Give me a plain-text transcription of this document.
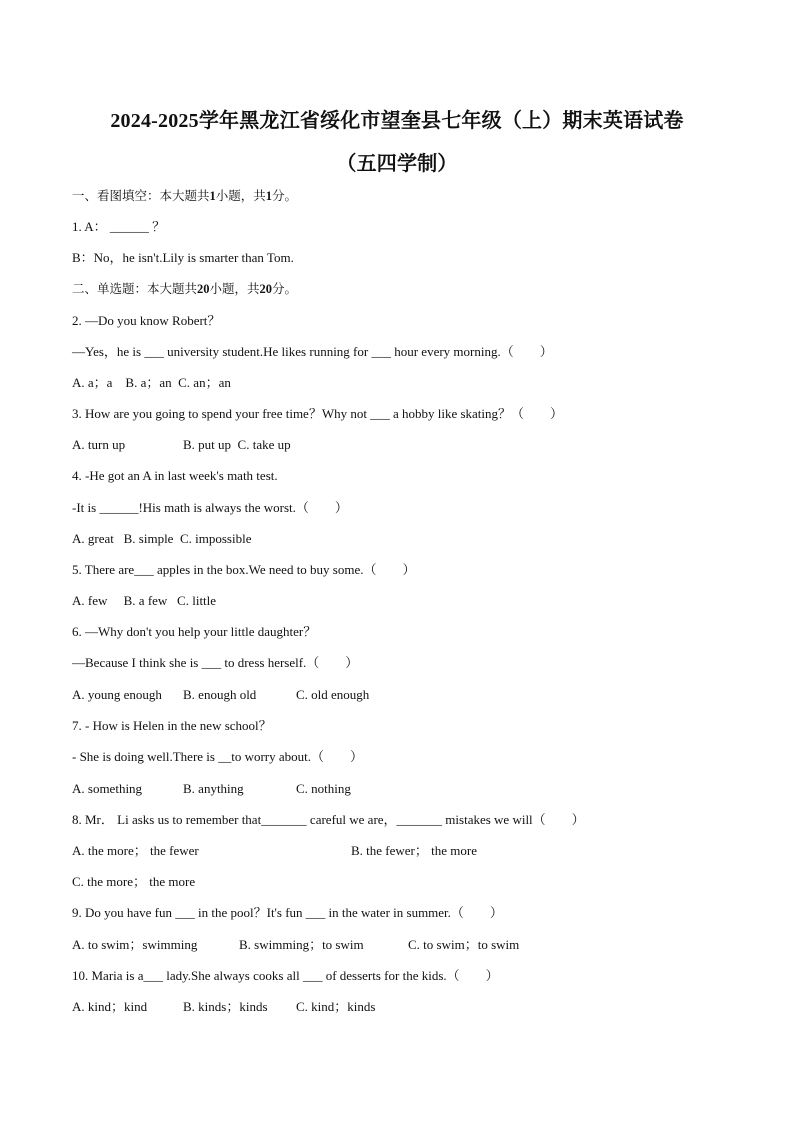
2024-2025学年黑龙江省绥化市望奎县七年级（上）期末英语试卷
（五四学制）
一、看图填空：本大题共1小题，共1分。
1. A： ______ ？
B：No，he isn't.Lily is smarter than Tom.
二、单选题：本大题共20小题，共20分。
2. —Do you know Robert？
—Yes，he is ___ university student.He likes running for ___ hour every morning.（        ）
A. a；a    B. a；an  C. an；an
3. How are you going to spend your free time？Why not ___ a hobby like skating？（        ）
A. turn up	B. put up  C. take up
4. -He got an A in last week's math test.
-It is ______!His math is always the worst.（        ）
A. great   B. simple  C. impossible
5. There are___ apples in the box.We need to buy some.（        ）
A. few     B. a few   C. little
6. —Why don't you help your little daughter？
—Because I think she is ___ to dress herself.（        ）
A. young enough B. enough old	C. old enough
7. - How is Helen in the new school？
- She is doing well.There is __to worry about.（        ）
A. something	B. anything	C. nothing
8. Mr． Li asks us to remember that_______ careful we are，_______ mistakes we will（        ）
A. the more； the fewer	B. the fewer； the more
C. the more； the more
9. Do you have fun ___ in the pool？It's fun ___ in the water in summer.（        ）
A. to swim；swimming	B. swimming；to swim	C. to swim；to swim
10. Maria is a___ lady.She always cooks all ___ of desserts for the kids.（        ）
A. kind；kind	B. kinds；kinds C. kind；kinds
